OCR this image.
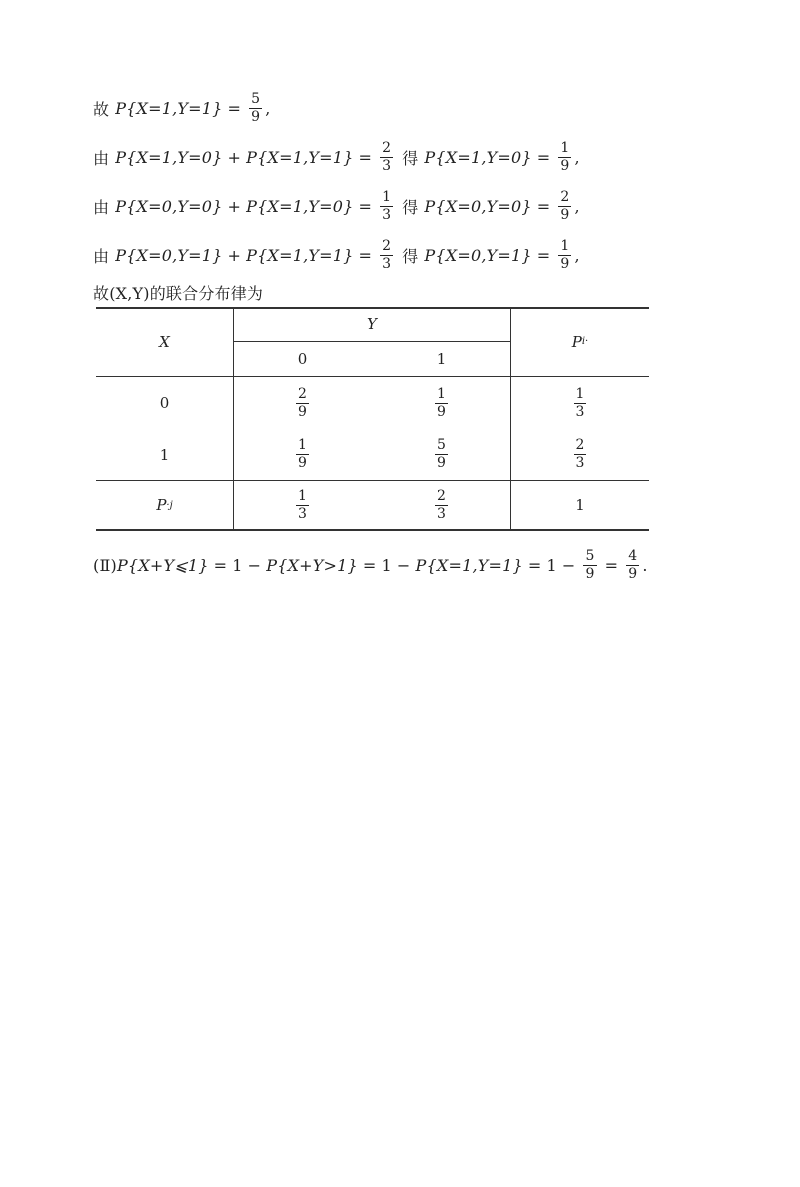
故 $P\{X=1,Y=1\} = \frac{5}{9}$ ,
由 $P\{X=1,Y=0\} + P\{X=1,Y=1\} = \frac{2}{3}$ 得 $P\{X=1,Y=0\} = \frac{1}{9}$ ,
由 $P\{X=0,Y=0\} + P\{X=1,Y=0\} = \frac{1}{3}$ 得 $P\{X=0,Y=0\} = \frac{2}{9}$ ,
由 $P\{X=0,Y=1\} + P\{X=1,Y=1\} = \frac{2}{3}$ 得 $P\{X=0,Y=1\} = \frac{1}{9}$ ,
故(X,Y)的联合分布律为
X
Y
0	1
P i·
0	$\frac{2}{9}$	$\frac{1}{9}$	$\frac{1}{3}$
1	$\frac{1}{9}$	$\frac{5}{9}$	$\frac{2}{3}$
P ·j	$\frac{1}{3}$	$\frac{2}{3}$	1
(Ⅱ) P{X+Y⩽1} = $1 - P\{X+Y>1\} = 1 - P\{X=1,Y=1\} = 1 - \frac{5}{9} = \frac{4}{9}$ .
